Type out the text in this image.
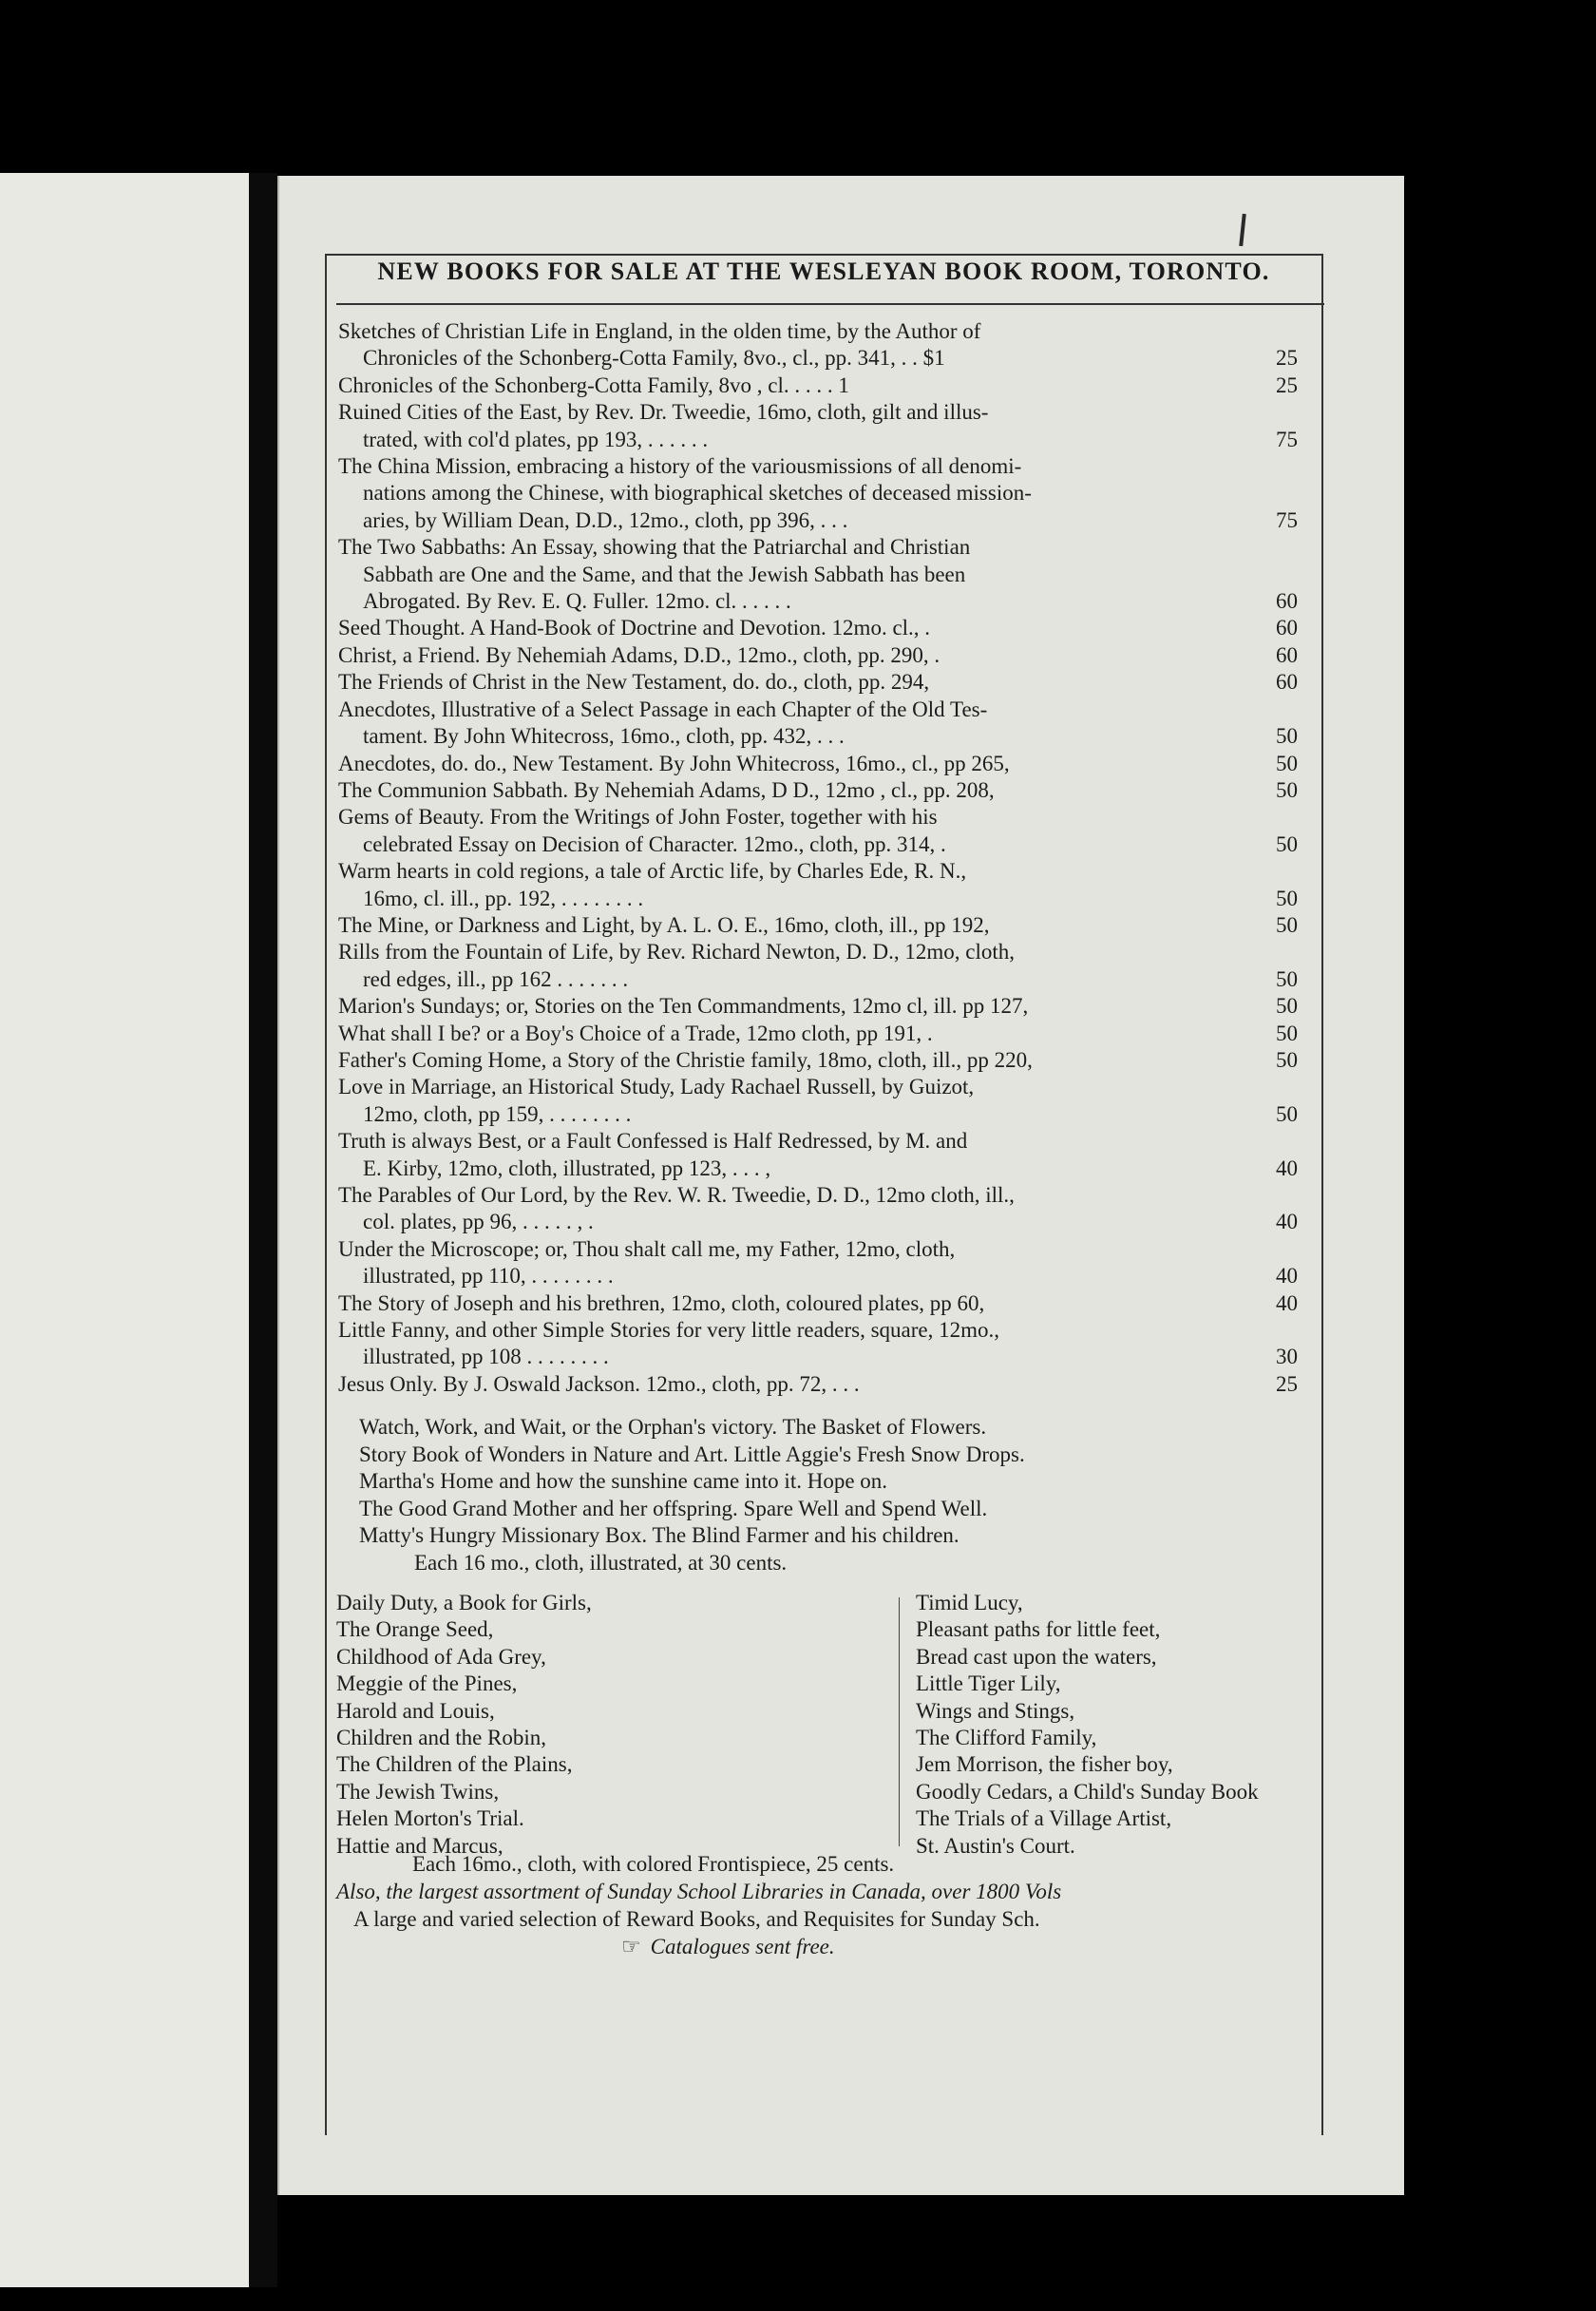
NEW BOOKS FOR SALE AT THE WESLEYAN BOOK ROOM, TORONTO.
Sketches of Christian Life in England, in the olden time, by the Author of
Chronicles of the Schonberg-Cotta Family, 8vo., cl., pp. 341, . . $1	25
Chronicles of the Schonberg-Cotta Family, 8vo , cl. . . . . 1	25
Ruined Cities of the East, by Rev. Dr. Tweedie, 16mo, cloth, gilt and illus-
trated, with col'd plates, pp 193, . . . . . .	75
The China Mission, embracing a history of the variousmissions of all denomi-
nations among the Chinese, with biographical sketches of deceased mission-
aries, by William Dean, D.D., 12mo., cloth, pp 396, . . .	75
The Two Sabbaths: An Essay, showing that the Patriarchal and Christian
Sabbath are One and the Same, and that the Jewish Sabbath has been
Abrogated. By Rev. E. Q. Fuller. 12mo. cl. . . . . .	60
Seed Thought. A Hand-Book of Doctrine and Devotion. 12mo. cl., .	60
Christ, a Friend. By Nehemiah Adams, D.D., 12mo., cloth, pp. 290, .	60
The Friends of Christ in the New Testament, do. do., cloth, pp. 294,	60
Anecdotes, Illustrative of a Select Passage in each Chapter of the Old Tes-
tament. By John Whitecross, 16mo., cloth, pp. 432, . . .	50
Anecdotes, do. do., New Testament. By John Whitecross, 16mo., cl., pp 265,	50
The Communion Sabbath. By Nehemiah Adams, D D., 12mo , cl., pp. 208,	50
Gems of Beauty. From the Writings of John Foster, together with his
celebrated Essay on Decision of Character. 12mo., cloth, pp. 314, .	50
Warm hearts in cold regions, a tale of Arctic life, by Charles Ede, R. N.,
16mo, cl. ill., pp. 192, . . . . . . . .	50
The Mine, or Darkness and Light, by A. L. O. E., 16mo, cloth, ill., pp 192,	50
Rills from the Fountain of Life, by Rev. Richard Newton, D. D., 12mo, cloth,
red edges, ill., pp 162 . . . . . . .	50
Marion's Sundays; or, Stories on the Ten Commandments, 12mo cl, ill. pp 127,	50
What shall I be? or a Boy's Choice of a Trade, 12mo cloth, pp 191, .	50
Father's Coming Home, a Story of the Christie family, 18mo, cloth, ill., pp 220,	50
Love in Marriage, an Historical Study, Lady Rachael Russell, by Guizot,
12mo, cloth, pp 159, . . . . . . . .	50
Truth is always Best, or a Fault Confessed is Half Redressed, by M. and
E. Kirby, 12mo, cloth, illustrated, pp 123, . . . ,	40
The Parables of Our Lord, by the Rev. W. R. Tweedie, D. D., 12mo cloth, ill.,
col. plates, pp 96, . . . . . , .	40
Under the Microscope; or, Thou shalt call me, my Father, 12mo, cloth,
illustrated, pp 110, . . . . . . . .	40
The Story of Joseph and his brethren, 12mo, cloth, coloured plates, pp 60,	40
Little Fanny, and other Simple Stories for very little readers, square, 12mo.,
illustrated, pp 108 . . . . . . . .	30
Jesus Only. By J. Oswald Jackson. 12mo., cloth, pp. 72, . . .	25
Watch, Work, and Wait, or the Orphan's victory. The Basket of Flowers.
Story Book of Wonders in Nature and Art. Little Aggie's Fresh Snow Drops.
Martha's Home and how the sunshine came into it. Hope on.
The Good Grand Mother and her offspring. Spare Well and Spend Well.
Matty's Hungry Missionary Box. The Blind Farmer and his children.
Each 16 mo., cloth, illustrated, at 30 cents.
Daily Duty, a Book for Girls,
The Orange Seed,
Childhood of Ada Grey,
Meggie of the Pines,
Harold and Louis,
Children and the Robin,
The Children of the Plains,
The Jewish Twins,
Helen Morton's Trial.
Hattie and Marcus,
Timid Lucy,
Pleasant paths for little feet,
Bread cast upon the waters,
Little Tiger Lily,
Wings and Stings,
The Clifford Family,
Jem Morrison, the fisher boy,
Goodly Cedars, a Child's Sunday Book
The Trials of a Village Artist,
St. Austin's Court.
Each 16mo., cloth, with colored Frontispiece, 25 cents.
Also, the largest assortment of Sunday School Libraries in Canada, over 1800 Vols
A large and varied selection of Reward Books, and Requisites for Sunday Sch.
☞ Catalogues sent free.
